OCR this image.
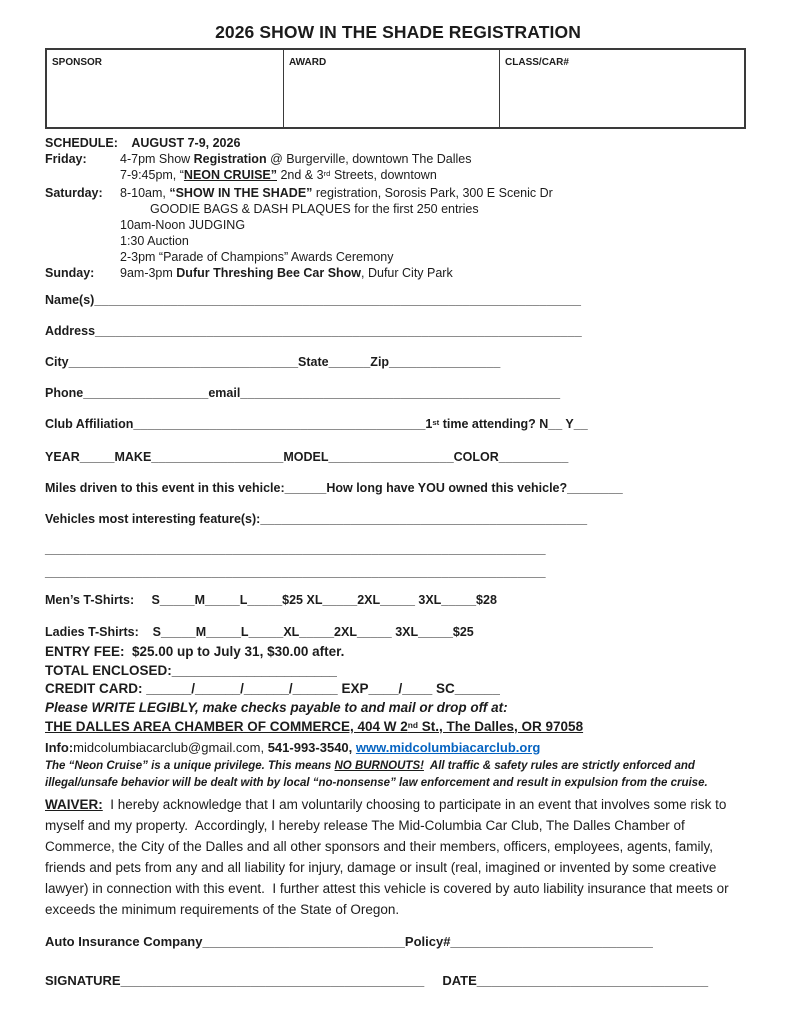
2026 SHOW IN THE SHADE REGISTRATION
SPONSOR	AWARD	CLASS/CAR#
SCHEDULE:    AUGUST 7-9, 2026
Friday:	4-7pm Show Registration @ Burgerville, downtown The Dalles
7-9:45pm, “NEON CRUISE” 2nd & 3rd Streets, downtown
Saturday:	8-10am, “SHOW IN THE SHADE” registration, Sorosis Park, 300 E Scenic Dr
GOODIE BAGS & DASH PLAQUES for the first 250 entries
10am-Noon JUDGING
1:30 Auction
2-3pm “Parade of Champions” Awards Ceremony
Sunday:	9am-3pm Dufur Threshing Bee Car Show, Dufur City Park
Name(s)______________________________________________________________________
Address______________________________________________________________________
City_________________________________State______Zip________________
Phone__________________email______________________________________________
Club Affiliation__________________________________________1st time attending? N__ Y__
YEAR_____MAKE___________________MODEL__________________COLOR__________
Miles driven to this event in this vehicle:______How long have YOU owned this vehicle?________
Vehicles most interesting feature(s):_______________________________________________
________________________________________________________________________
________________________________________________________________________
Men’s T-Shirts:     S_____M_____L_____$25 XL_____2XL_____ 3XL_____$28
Ladies T-Shirts:    S_____M_____L_____XL_____2XL_____ 3XL_____$25
ENTRY FEE:  $25.00 up to July 31, $30.00 after.
TOTAL ENCLOSED:______________________
CREDIT CARD: ______/______/______/______ EXP____/____ SC______
Please WRITE LEGIBLY, make checks payable to and mail or drop off at:
THE DALLES AREA CHAMBER OF COMMERCE, 404 W 2nd St., The Dalles, OR 97058
Info:midcolumbiacarclub@gmail.com, 541-993-3540, www.midcolumbiacarclub.org
The “Neon Cruise” is a unique privilege. This means NO BURNOUTS!  All traffic & safety rules are strictly enforced and illegal/unsafe behavior will be dealt with by local “no-nonsense” law enforcement and result in expulsion from the cruise.
WAIVER:  I hereby acknowledge that I am voluntarily choosing to participate in an event that involves some risk to myself and my property.  Accordingly, I hereby release The Mid-Columbia Car Club, The Dalles Chamber of Commerce, the City of the Dalles and all other sponsors and their members, officers, employees, agents, family, friends and pets from any and all liability for injury, damage or insult (real, imagined or invented by some creative lawyer) in connection with this event.  I further attest this vehicle is covered by auto liability insurance that meets or exceeds the minimum requirements of the State of Oregon.
Auto Insurance Company____________________________Policy#____________________________
SIGNATURE__________________________________________     DATE________________________________
